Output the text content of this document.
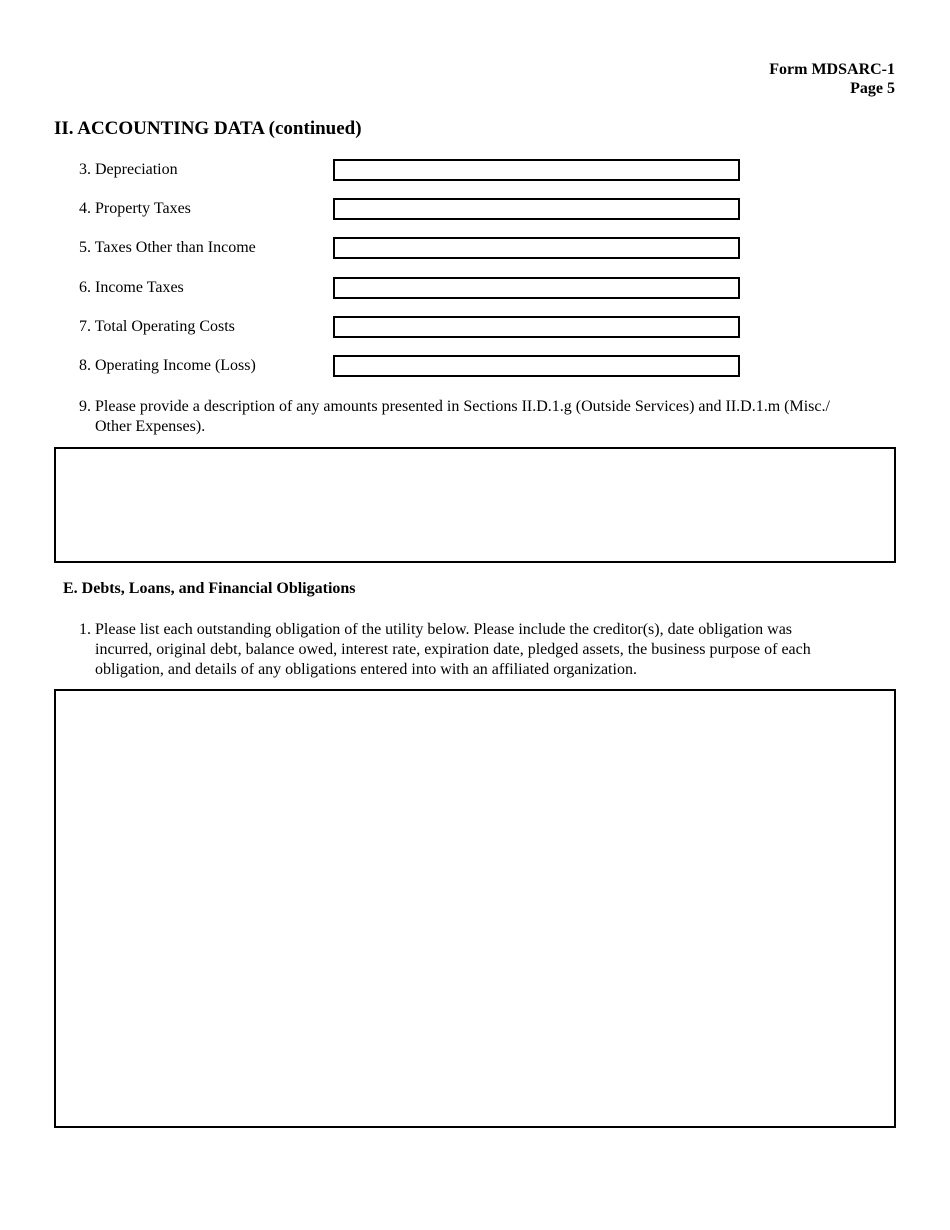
Form MDSARC-1
Page 5
II. ACCOUNTING DATA (continued)
3. Depreciation
4. Property Taxes
5. Taxes Other than Income
6. Income Taxes
7. Total Operating Costs
8. Operating Income (Loss)
9. Please provide a description of any amounts presented in Sections II.D.1.g (Outside Services) and II.D.1.m (Misc./ Other Expenses).
E. Debts, Loans, and Financial Obligations
1. Please list each outstanding obligation of the utility below. Please include the creditor(s), date obligation was incurred, original debt, balance owed, interest rate, expiration date, pledged assets, the business purpose of each obligation, and details of any obligations entered into with an affiliated organization.
